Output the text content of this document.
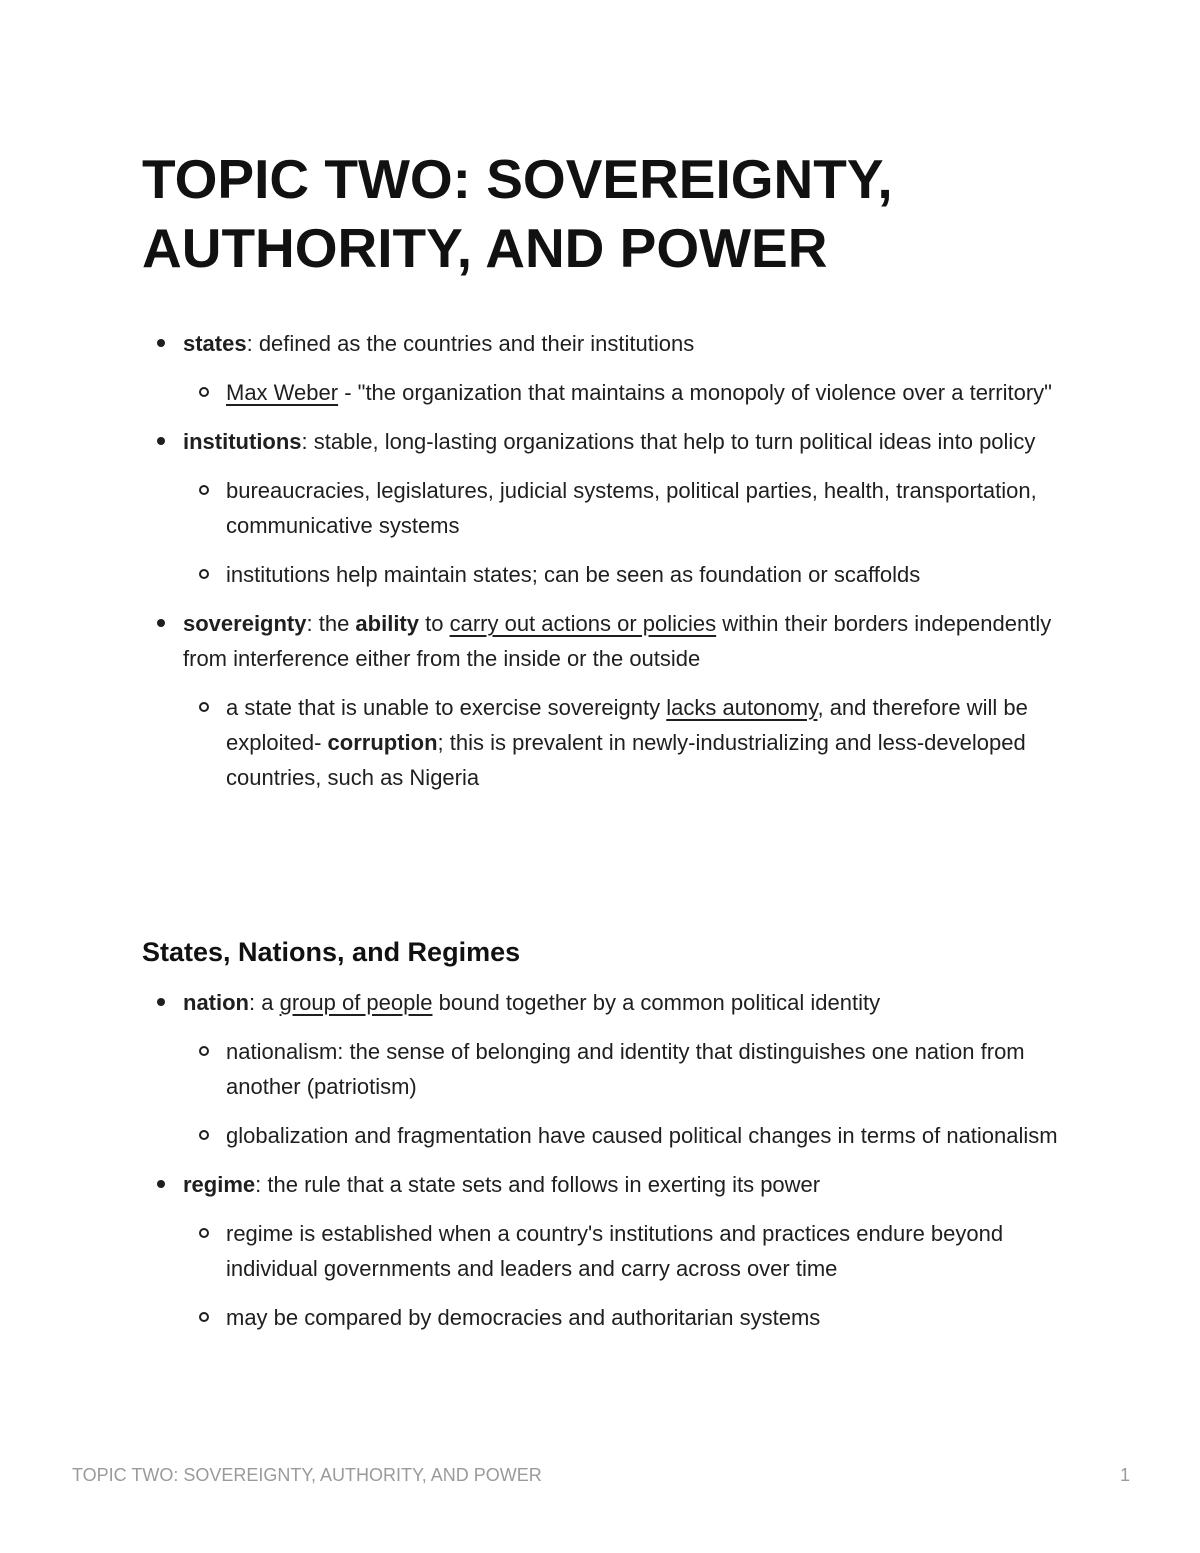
TOPIC TWO: SOVEREIGNTY, AUTHORITY, AND POWER
states: defined as the countries and their institutions
Max Weber - "the organization that maintains a monopoly of violence over a territory"
institutions: stable, long-lasting organizations that help to turn political ideas into policy
bureaucracies, legislatures, judicial systems, political parties, health, transportation, communicative systems
institutions help maintain states; can be seen as foundation or scaffolds
sovereignty: the ability to carry out actions or policies within their borders independently from interference either from the inside or the outside
a state that is unable to exercise sovereignty lacks autonomy, and therefore will be exploited- corruption; this is prevalent in newly-industrializing and less-developed
countries, such as Nigeria
States, Nations, and Regimes
nation: a group of people bound together by a common political identity
nationalism: the sense of belonging and identity that distinguishes one nation from another (patriotism)
globalization and fragmentation have caused political changes in terms of nationalism
regime: the rule that a state sets and follows in exerting its power
regime is established when a country's institutions and practices endure beyond individual governments and leaders and carry across over time
may be compared by democracies and authoritarian systems
TOPIC TWO: SOVEREIGNTY, AUTHORITY, AND POWER	1
